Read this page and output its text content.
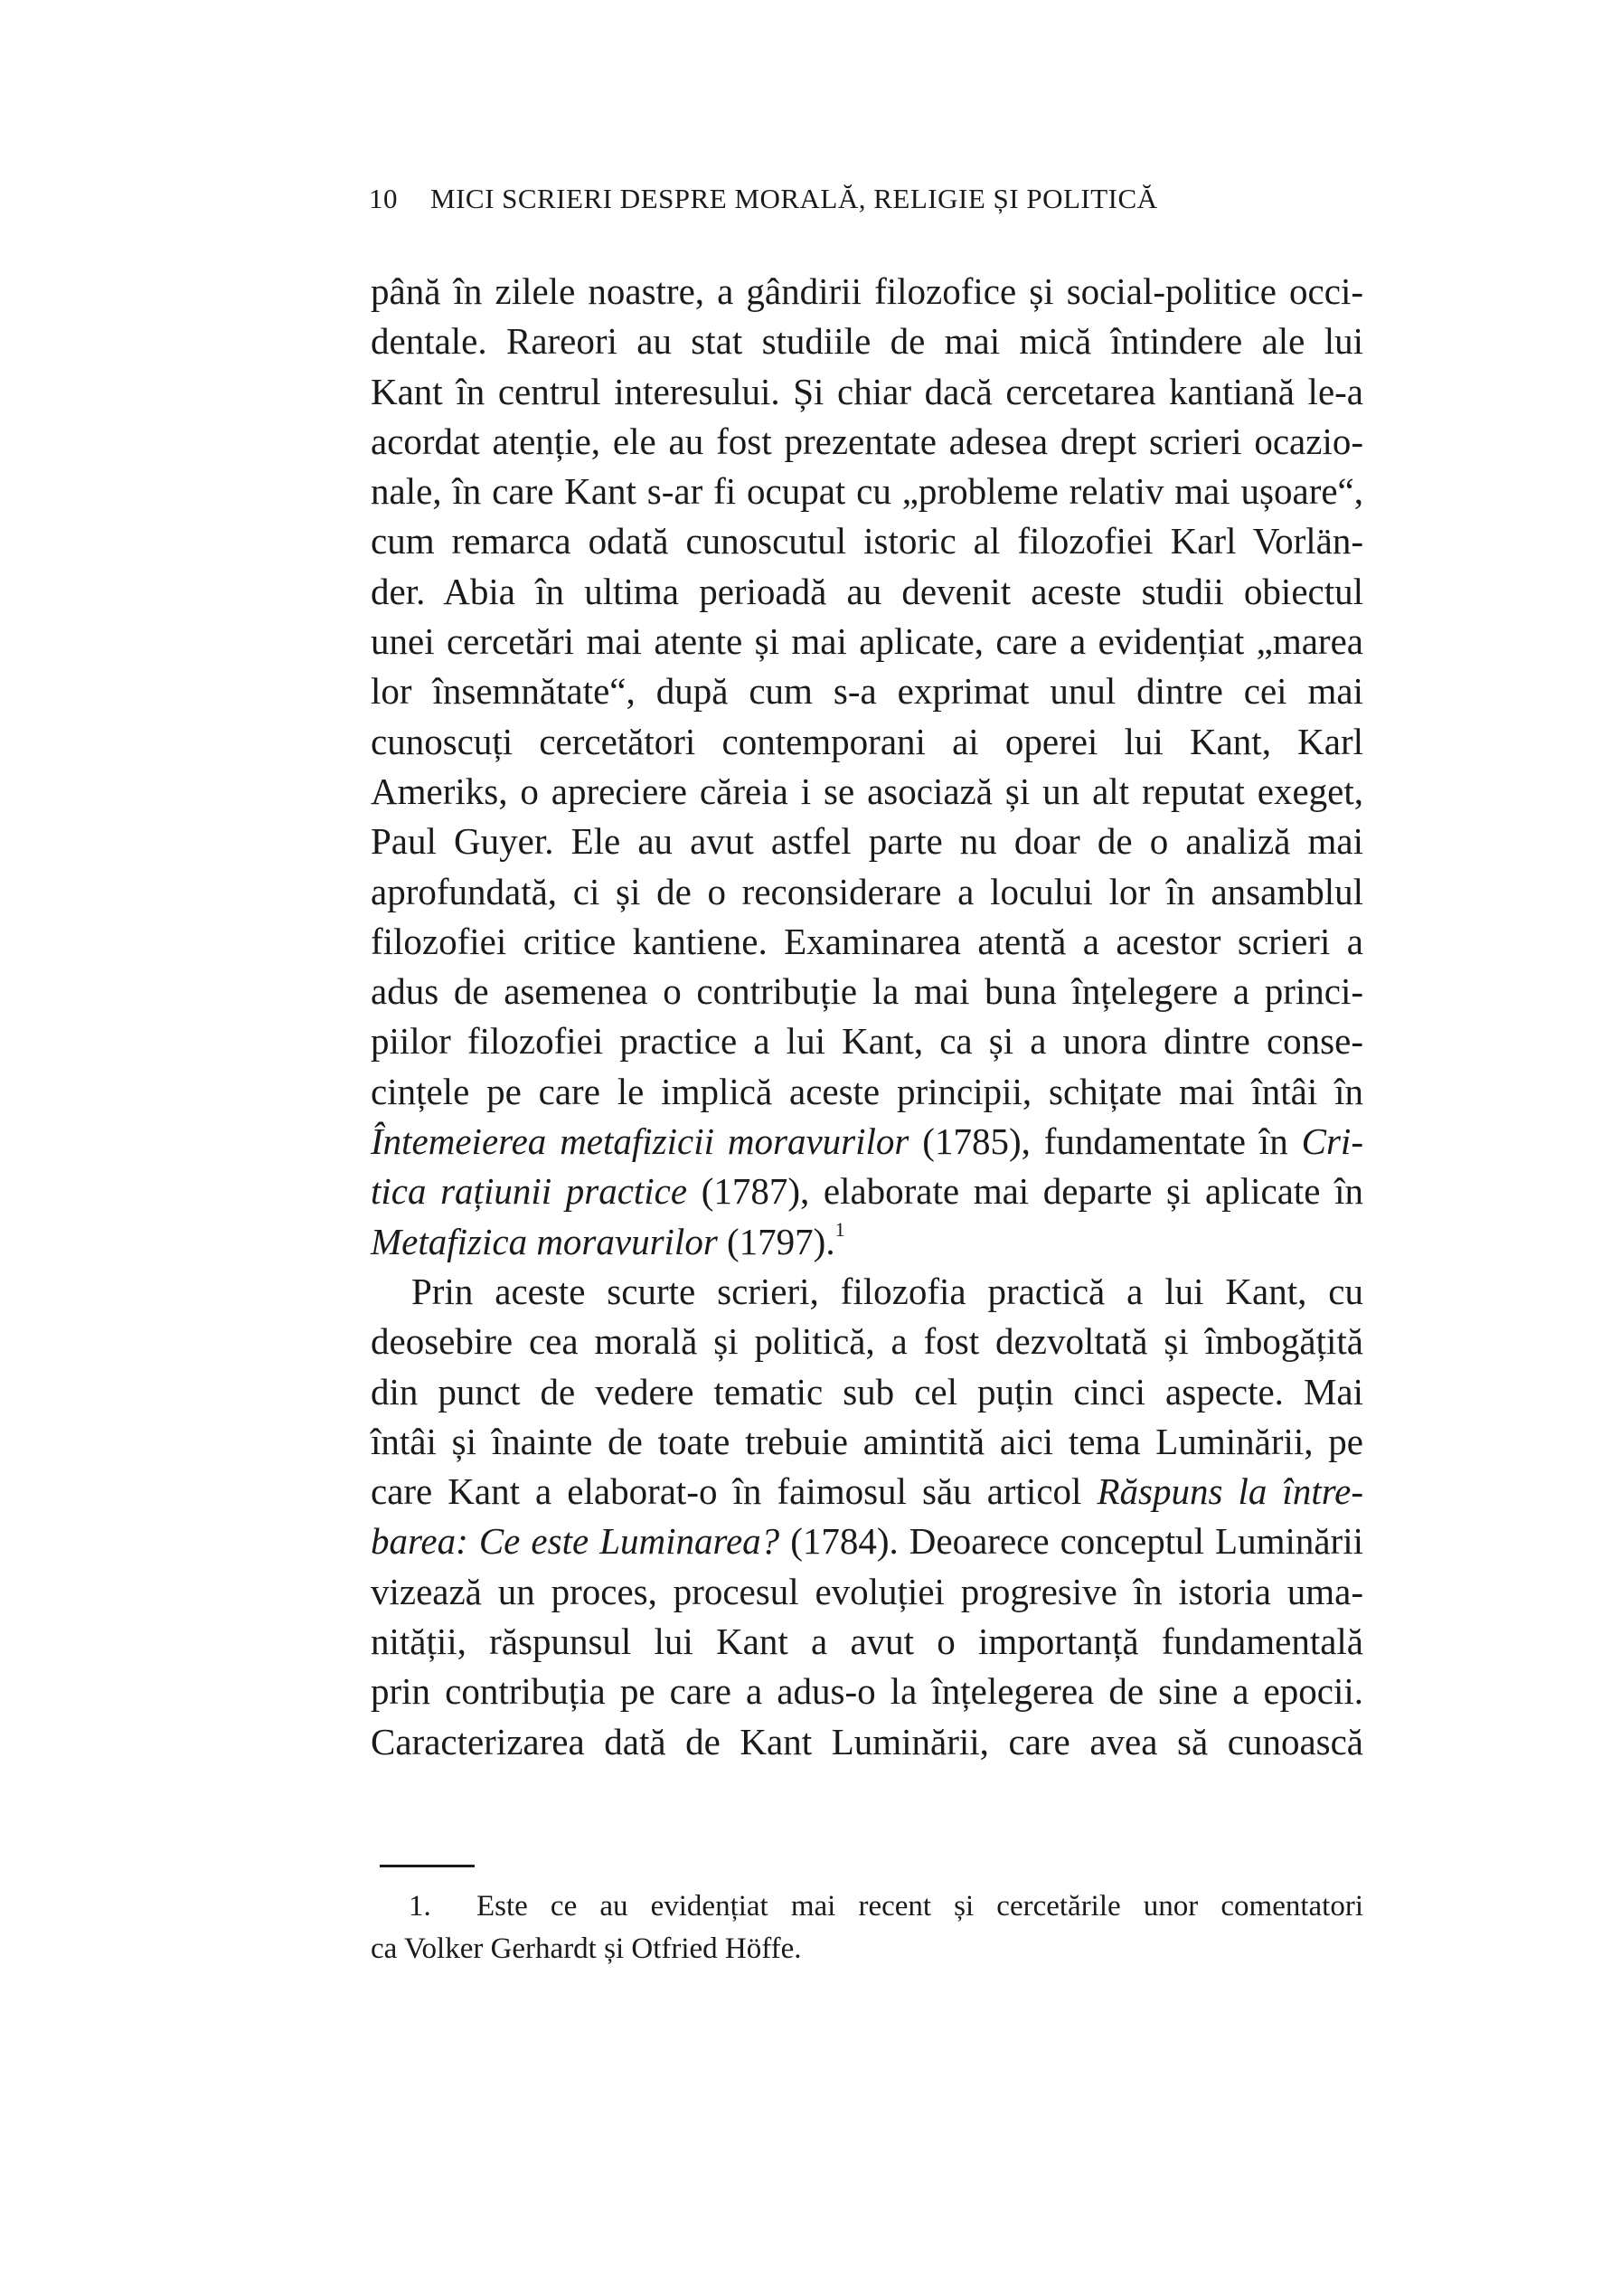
10 MICI SCRIERI DESPRE MORALĂ, RELIGIE ȘI POLITICĂ
până în zilele noastre, a gândirii filozofice și social-politice occi-
dentale. Rareori au stat studiile de mai mică întindere ale lui
Kant în centrul interesului. Și chiar dacă cercetarea kantiană le-a
acordat atenție, ele au fost prezentate adesea drept scrieri ocazio-
nale, în care Kant s-ar fi ocupat cu „probleme relativ mai ușoare“,
cum remarca odată cunoscutul istoric al filozofiei Karl Vorlän-
der. Abia în ultima perioadă au devenit aceste studii obiectul
unei cercetări mai atente și mai aplicate, care a evidențiat „marea
lor însemnătate“, după cum s-a exprimat unul dintre cei mai
cunoscuți cercetători contemporani ai operei lui Kant, Karl
Ameriks, o apreciere căreia i se asociază și un alt reputat exeget,
Paul Guyer. Ele au avut astfel parte nu doar de o analiză mai
aprofundată, ci și de o reconsiderare a locului lor în ansamblul
filozofiei critice kantiene. Examinarea atentă a acestor scrieri a
adus de asemenea o contribuție la mai buna înțelegere a princi-
piilor filozofiei practice a lui Kant, ca și a unora dintre conse-
cințele pe care le implică aceste principii, schițate mai întâi în
Întemeierea metafizicii moravurilor (1785), fundamentate în Cri-
tica rațiunii practice (1787), elaborate mai departe și aplicate în
Metafizica moravurilor (1797).$^1$
Prin aceste scurte scrieri, filozofia practică a lui Kant, cu
deosebire cea morală și politică, a fost dezvoltată și îmbogățită
din punct de vedere tematic sub cel puțin cinci aspecte. Mai
întâi și înainte de toate trebuie amintită aici tema Luminării, pe
care Kant a elaborat-o în faimosul său articol Răspuns la între-
barea: Ce este Luminarea? (1784). Deoarece conceptul Luminării
vizează un proces, procesul evoluției progresive în istoria uma-
nității, răspunsul lui Kant a avut o importanță fundamentală
prin contribuția pe care a adus-o la înțelegerea de sine a epocii.
Caracterizarea dată de Kant Luminării, care avea să cunoască
1. Este ce au evidențiat mai recent și cercetările unor comentatori
ca Volker Gerhardt și Otfried Höffe.
